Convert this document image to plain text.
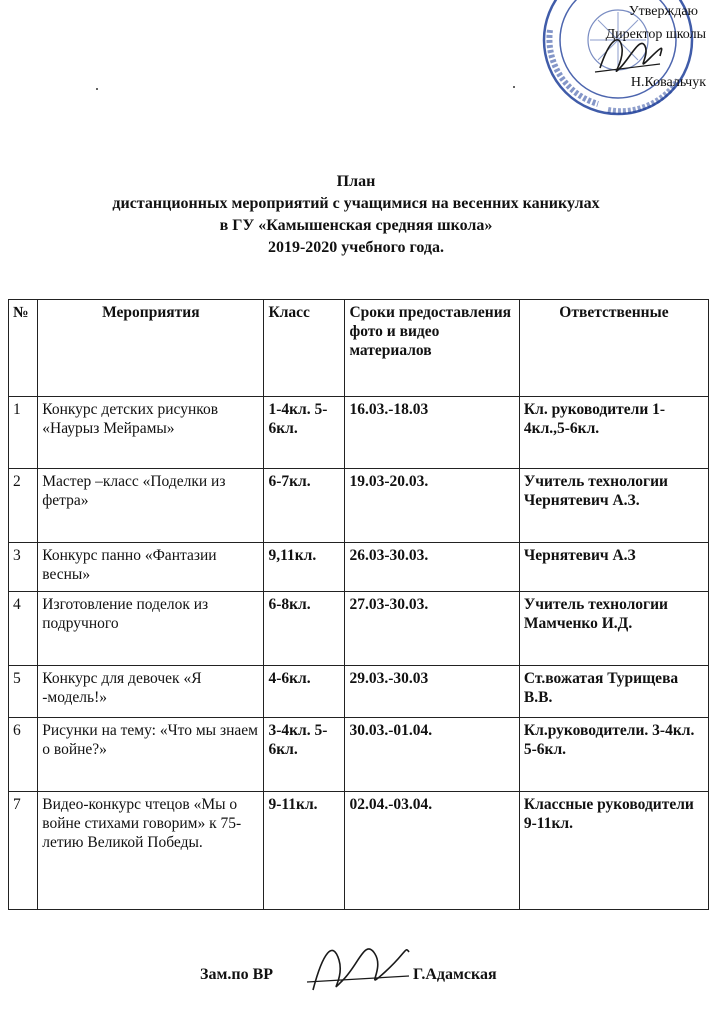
Утверждаю
Директор школы
Н.Ковальчук
План
дистанционных мероприятий с учащимися на весенних каникулах
в ГУ «Камышенская средняя школа»
2019-2020 учебного года.
№	Мероприятия	Класс	Сроки предоставления фото и видео материалов	Ответственные
1	Конкурс детских рисунков «Наурыз Мейрамы»	1-4кл. 5-6кл.	16.03.-18.03	Кл. руководители 1-4кл.,5-6кл.
2	Мастер –класс «Поделки из фетра»	6-7кл.	19.03-20.03.	Учитель технологии Чернятевич А.З.
3	Конкурс панно «Фантазии весны»	9,11кл.	26.03-30.03.	Чернятевич А.З
4	Изготовление поделок из подручного	6-8кл.	27.03-30.03.	Учитель технологии Мамченко И.Д.
5	Конкурс для девочек «Я -модель!»	4-6кл.	29.03.-30.03	Ст.вожатая Турищева В.В.
6	Рисунки на тему: «Что мы знаем о войне?»	3-4кл. 5-6кл.	30.03.-01.04.	Кл.руководители. 3-4кл. 5-6кл.
7	Видео-конкурс чтецов «Мы о войне стихами говорим» к 75-летию Великой Победы.	9-11кл.	02.04.-03.04.	Классные руководители 9-11кл.
Зам.по ВР	Г.Адамская
